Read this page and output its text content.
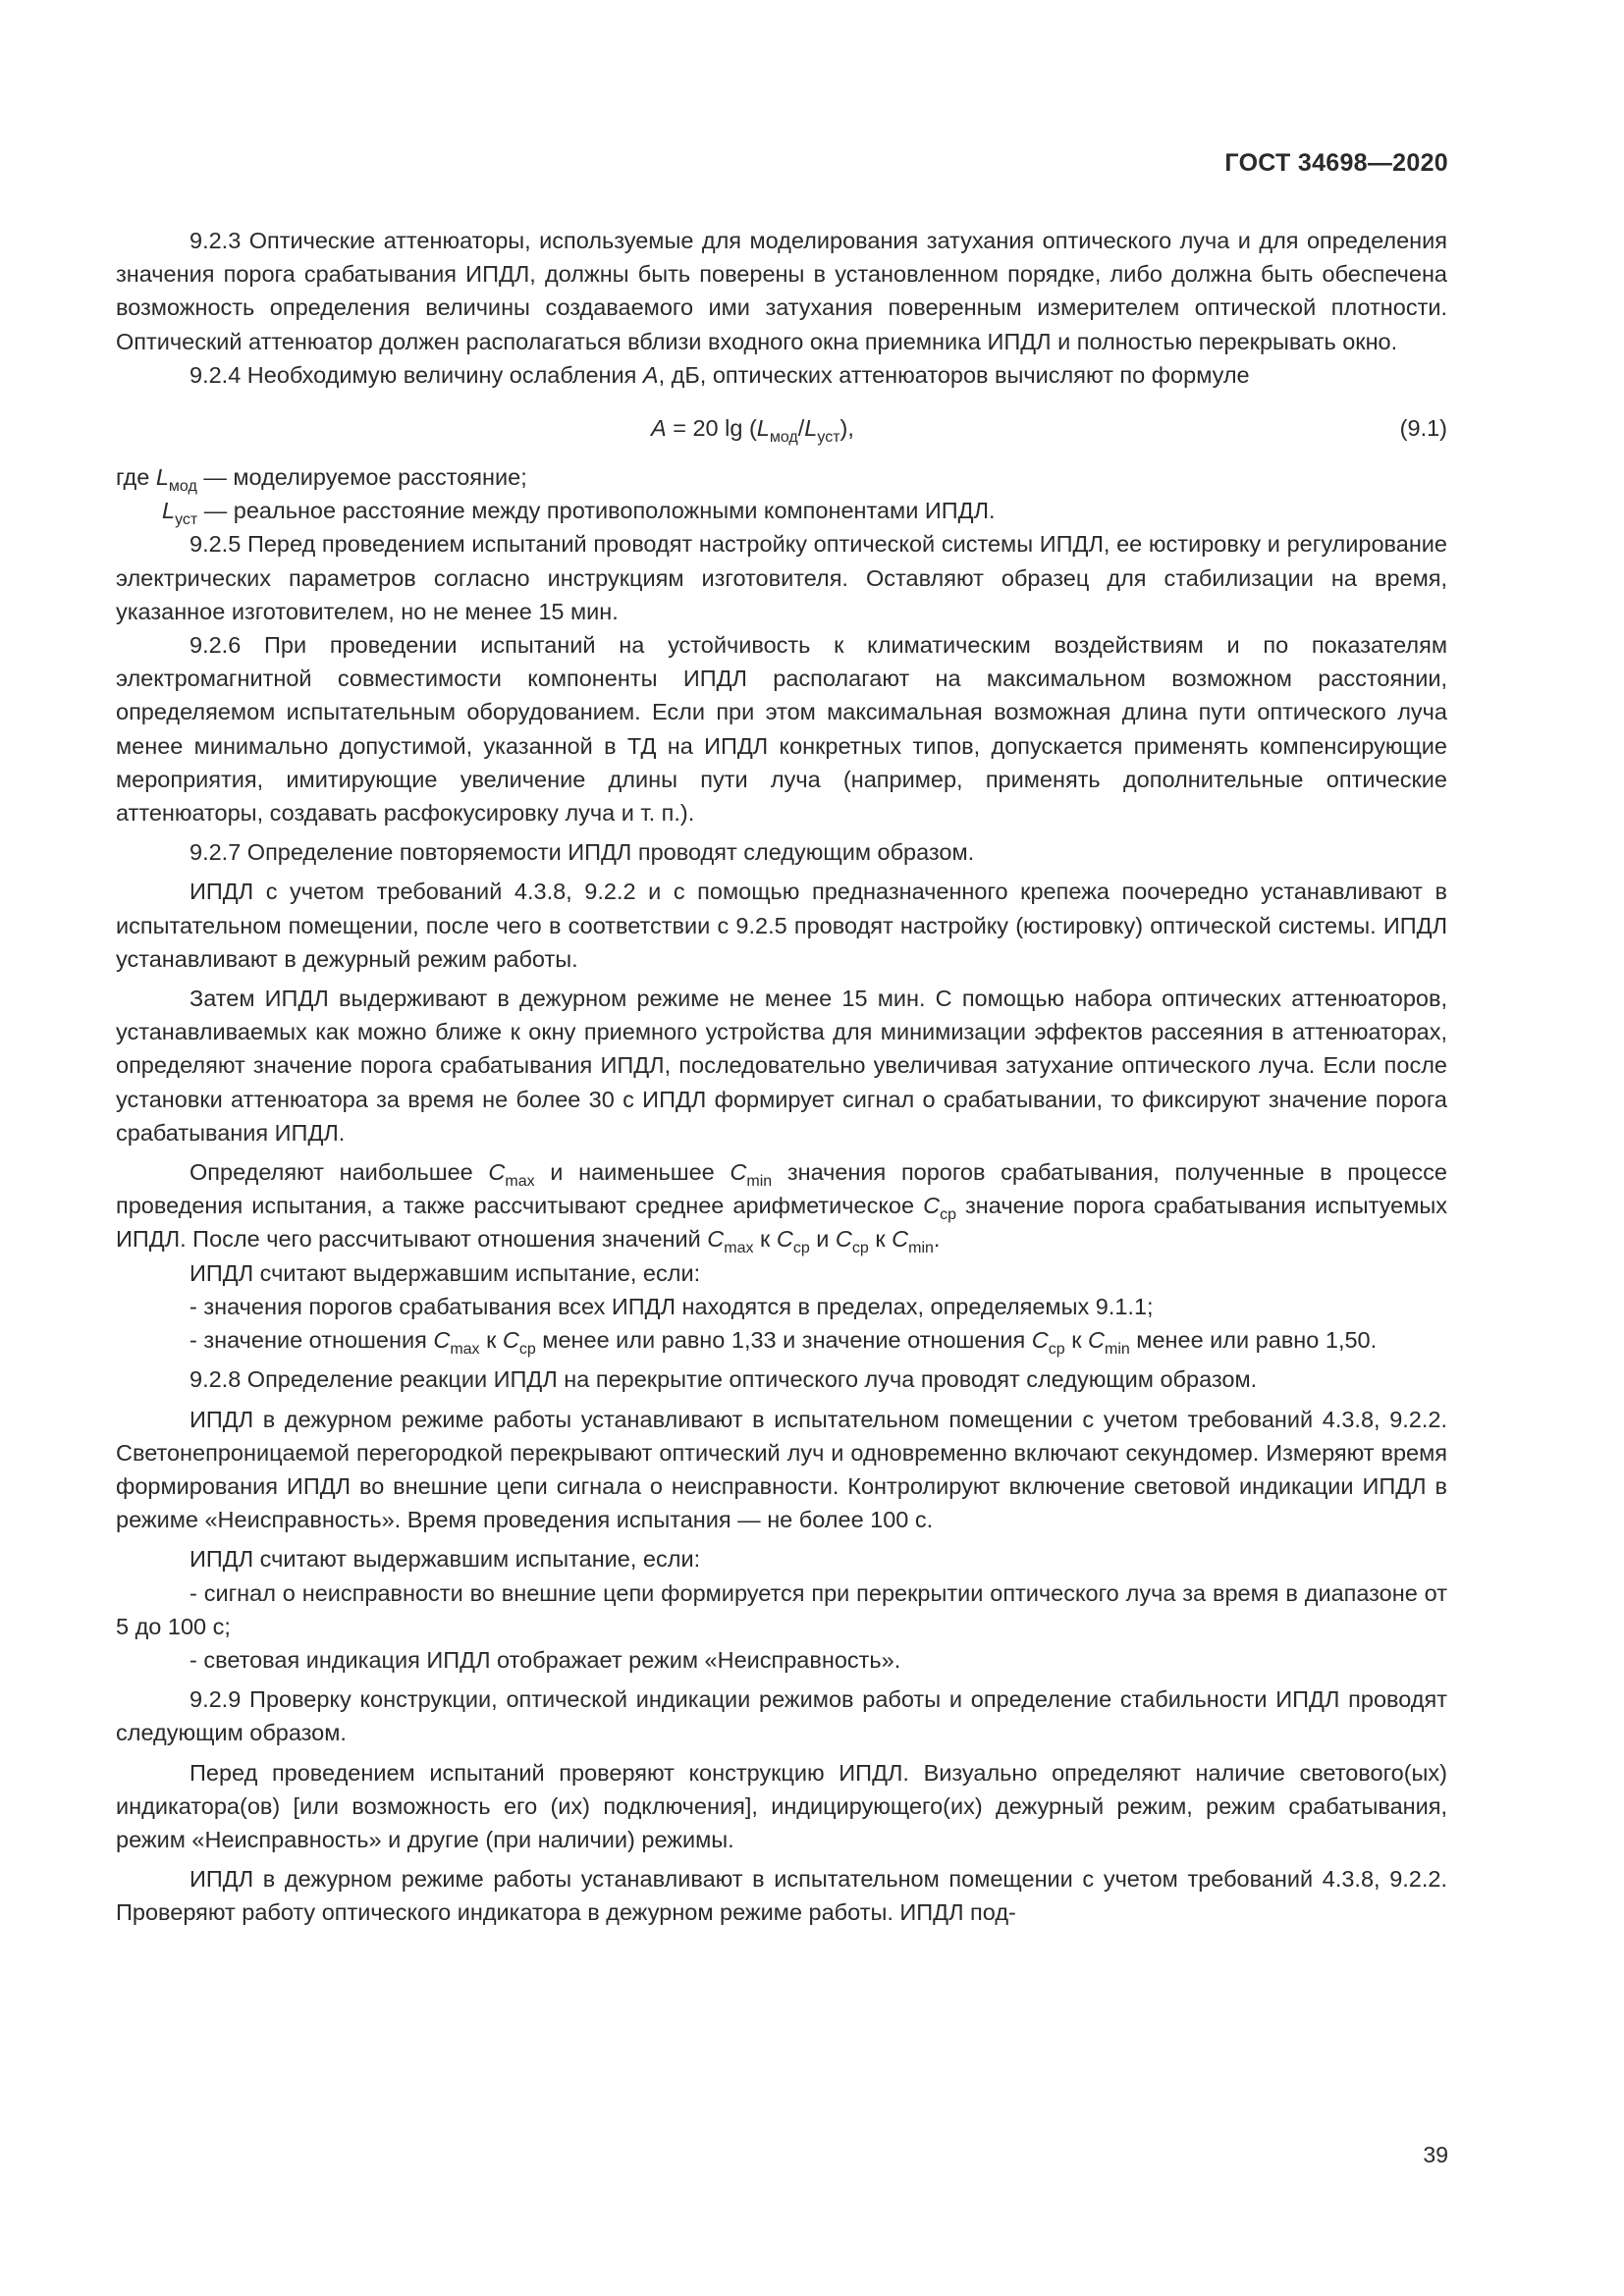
ГОСТ 34698—2020

9.2.3 Оптические аттенюаторы, используемые для моделирования затухания оптического луча и для определения значения порога срабатывания ИПДЛ, должны быть поверены в установленном порядке, либо должна быть обеспечена возможность определения величины создаваемого ими затухания поверенным измерителем оптической плотности. Оптический аттенюатор должен располагаться вблизи входного окна приемника ИПДЛ и полностью перекрывать окно.

9.2.4 Необходимую величину ослабления A, дБ, оптических аттенюаторов вычисляют по формуле

A = 20 $\lg (L_{мод}/L_{уст})$,	(9.1)

где $L_{мод}$ — моделируемое расстояние;

$L_{уст}$ — реальное расстояние между противоположными компонентами ИПДЛ.

9.2.5 Перед проведением испытаний проводят настройку оптической системы ИПДЛ, ее юстировку и регулирование электрических параметров согласно инструкциям изготовителя. Оставляют образец для стабилизации на время, указанное изготовителем, но не менее 15 мин.

9.2.6 При проведении испытаний на устойчивость к климатическим воздействиям и по показателям электромагнитной совместимости компоненты ИПДЛ располагают на максимальном возможном расстоянии, определяемом испытательным оборудованием. Если при этом максимальная возможная длина пути оптического луча менее минимально допустимой, указанной в ТД на ИПДЛ конкретных типов, допускается применять компенсирующие мероприятия, имитирующие увеличение длины пути луча (например, применять дополнительные оптические аттенюаторы, создавать расфокусировку луча и т. п.).

9.2.7 Определение повторяемости ИПДЛ проводят следующим образом.

ИПДЛ с учетом требований 4.3.8, 9.2.2 и с помощью предназначенного крепежа поочередно устанавливают в испытательном помещении, после чего в соответствии с 9.2.5 проводят настройку (юстировку) оптической системы. ИПДЛ устанавливают в дежурный режим работы.

Затем ИПДЛ выдерживают в дежурном режиме не менее 15 мин. С помощью набора оптических аттенюаторов, устанавливаемых как можно ближе к окну приемного устройства для минимизации эффектов рассеяния в аттенюаторах, определяют значение порога срабатывания ИПДЛ, последовательно увеличивая затухание оптического луча. Если после установки аттенюатора за время не более 30 с ИПДЛ формирует сигнал о срабатывании, то фиксируют значение порога срабатывания ИПДЛ.

Определяют наибольшее $C_{max}$ и наименьшее $C_{min}$ значения порогов срабатывания, полученные в процессе проведения испытания, а также рассчитывают среднее арифметическое $C_{ср}$ значение порога срабатывания испытуемых ИПДЛ. После чего рассчитывают отношения значений $C_{max}$ к $C_{ср}$ и $C_{ср}$ к $C_{min}$.

ИПДЛ считают выдержавшим испытание, если:

- значения порогов срабатывания всех ИПДЛ находятся в пределах, определяемых 9.1.1;

- значение отношения $C_{max}$ к $C_{ср}$ менее или равно 1,33 и значение отношения $C_{ср}$ к $C_{min}$ менее или равно 1,50.

9.2.8 Определение реакции ИПДЛ на перекрытие оптического луча проводят следующим образом.

ИПДЛ в дежурном режиме работы устанавливают в испытательном помещении с учетом требований 4.3.8, 9.2.2. Светонепроницаемой перегородкой перекрывают оптический луч и одновременно включают секундомер. Измеряют время формирования ИПДЛ во внешние цепи сигнала о неисправности. Контролируют включение световой индикации ИПДЛ в режиме «Неисправность». Время проведения испытания — не более 100 с.

ИПДЛ считают выдержавшим испытание, если:

- сигнал о неисправности во внешние цепи формируется при перекрытии оптического луча за время в диапазоне от 5 до 100 с;

- световая индикация ИПДЛ отображает режим «Неисправность».

9.2.9 Проверку конструкции, оптической индикации режимов работы и определение стабильности ИПДЛ проводят следующим образом.

Перед проведением испытаний проверяют конструкцию ИПДЛ. Визуально определяют наличие светового(ых) индикатора(ов) [или возможность его (их) подключения], индицирующего(их) дежурный режим, режим срабатывания, режим «Неисправность» и другие (при наличии) режимы.

ИПДЛ в дежурном режиме работы устанавливают в испытательном помещении с учетом требований 4.3.8, 9.2.2. Проверяют работу оптического индикатора в дежурном режиме работы. ИПДЛ под-

39
